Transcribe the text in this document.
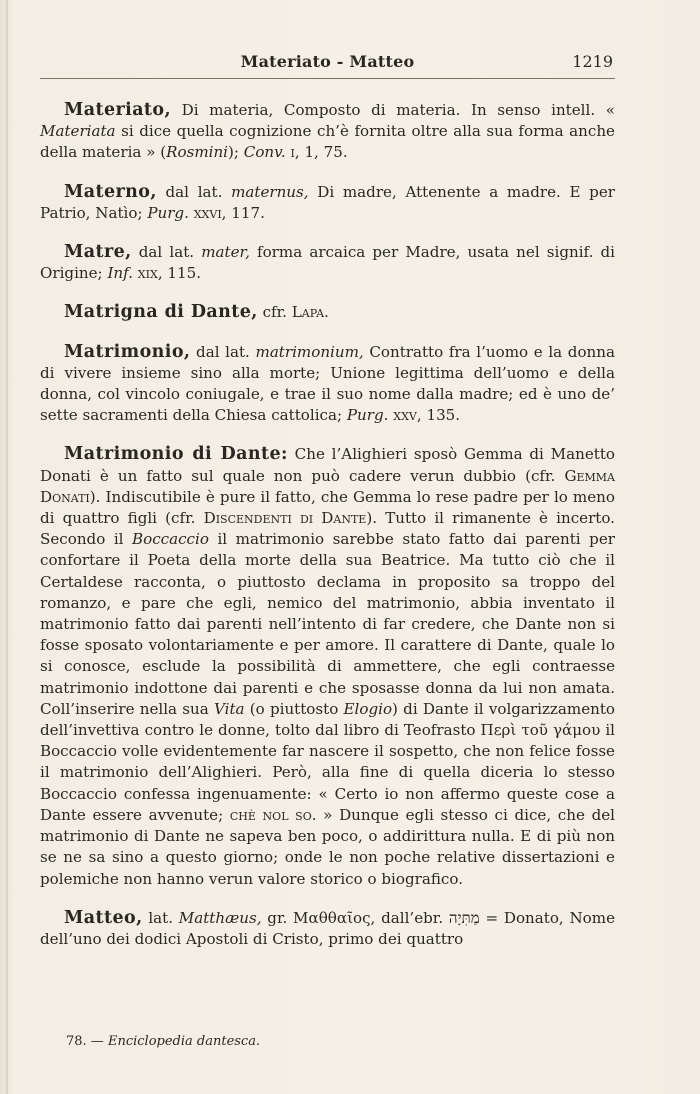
Materiato - Matteo	1219

Materiato, Di materia, Composto di materia. In senso intell. « Materiata si dice quella cognizione ch’è fornita oltre alla sua forma anche della materia » (Rosmini); Conv. i, 1, 75.

Materno, dal lat. maternus, Di madre, Attenente a madre. E per Patrio, Natìo; Purg. xxvi, 117.

Matre, dal lat. mater, forma arcaica per Madre, usata nel signif. di Origine; Inf. xix, 115.

Matrigna di Dante, cfr. Lapa.

Matrimonio, dal lat. matrimonium, Contratto fra l’uomo e la donna di vivere insieme sino alla morte; Unione legittima dell’uomo e della donna, col vincolo coniugale, e trae il suo nome dalla madre; ed è uno de’ sette sacramenti della Chiesa cattolica; Purg. xxv, 135.

Matrimonio di Dante: Che l’Alighieri sposò Gemma di Manetto Donati è un fatto sul quale non può cadere verun dubbio (cfr. Gemma Donati). Indiscutibile è pure il fatto, che Gemma lo rese padre per lo meno di quattro figli (cfr. Discendenti di Dante). Tutto il rimanente è incerto. Secondo il Boccaccio il matrimonio sarebbe stato fatto dai parenti per confortare il Poeta della morte della sua Beatrice. Ma tutto ciò che il Certaldese racconta, o piuttosto declama in proposito sa troppo del romanzo, e pare che egli, nemico del matrimonio, abbia inventato il matrimonio fatto dai parenti nell’intento di far credere, che Dante non si fosse sposato volontariamente e per amore. Il carattere di Dante, quale lo si conosce, esclude la possibilità di ammettere, che egli contraesse matrimonio indottone dai parenti e che sposasse donna da lui non amata. Coll’inserire nella sua Vita (o piuttosto Elogio) di Dante il volgarizzamento dell’invettiva contro le donne, tolto dal libro di Teofrasto Περὶ τοῦ γάμου il Boccaccio volle evidentemente far nascere il sospetto, che non felice fosse il matrimonio dell’Alighieri. Però, alla fine di quella diceria lo stesso Boccaccio confessa ingenuamente: « Certo io non affermo queste cose a Dante essere avvenute; chè nol so. » Dunque egli stesso ci dice, che del matrimonio di Dante ne sapeva ben poco, o addirittura nulla. E di più non se ne sa sino a questo giorno; onde le non poche relative dissertazioni e polemiche non hanno verun valore storico o biografico.

Matteo, lat. Matthæus, gr. Μαθθαῖος, dall’ebr. מַתִּיָה = Donato, Nome dell’uno dei dodici Apostoli di Cristo, primo dei quattro

78. — Enciclopedia dantesca.
